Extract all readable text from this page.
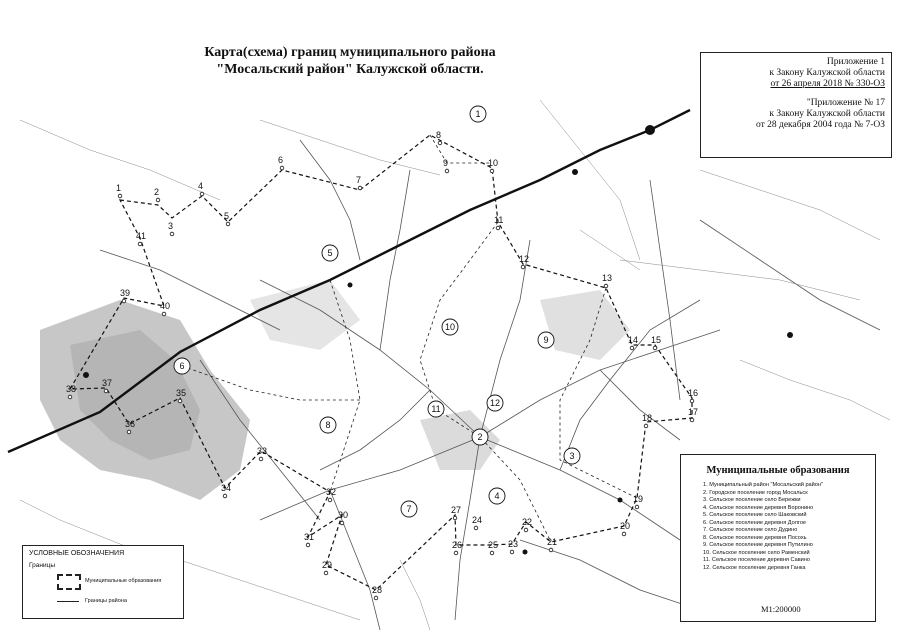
1	2
3
4
5
6
7
8
9	10
11
12
13
14 15
16
17
18
19
20
21
22
23
24
25
26
27
28
29
30
31
32
33
34
35
36
37
38
39
40
41
1
5
6
8
10
9
11
12
2
3
4
7
Карта(схема) границ муниципального района
"Мосальский район" Калужской области.	Приложение 1
к Закону Калужской области
от 26 апреля 2018 № 330-ОЗ
"Приложение № 17
к Закону Калужской области
от 28 декабря 2004 года № 7-ОЗ
Муниципальные образования
1. Муниципальный район "Мосальский район"
2. Городское поселение город Мосальск
3. Сельское поселение село Бережки
4. Сельское поселение деревня Воронино
5. Сельское поселение село Шаковский
6. Сельское поселение деревня Долгое
7. Сельское поселение село Дудино
8. Сельское поселение деревня Посохь
9. Сельское поселение деревня Путилино
10. Сельское поселение село Раменский
11. Сельское поселение деревня Савино
12. Сельское поселение деревня Ганка
М1:200000
УСЛОВНЫЕ ОБОЗНАЧЕНИЯ
Границы
Муниципальные образования
Границы района
